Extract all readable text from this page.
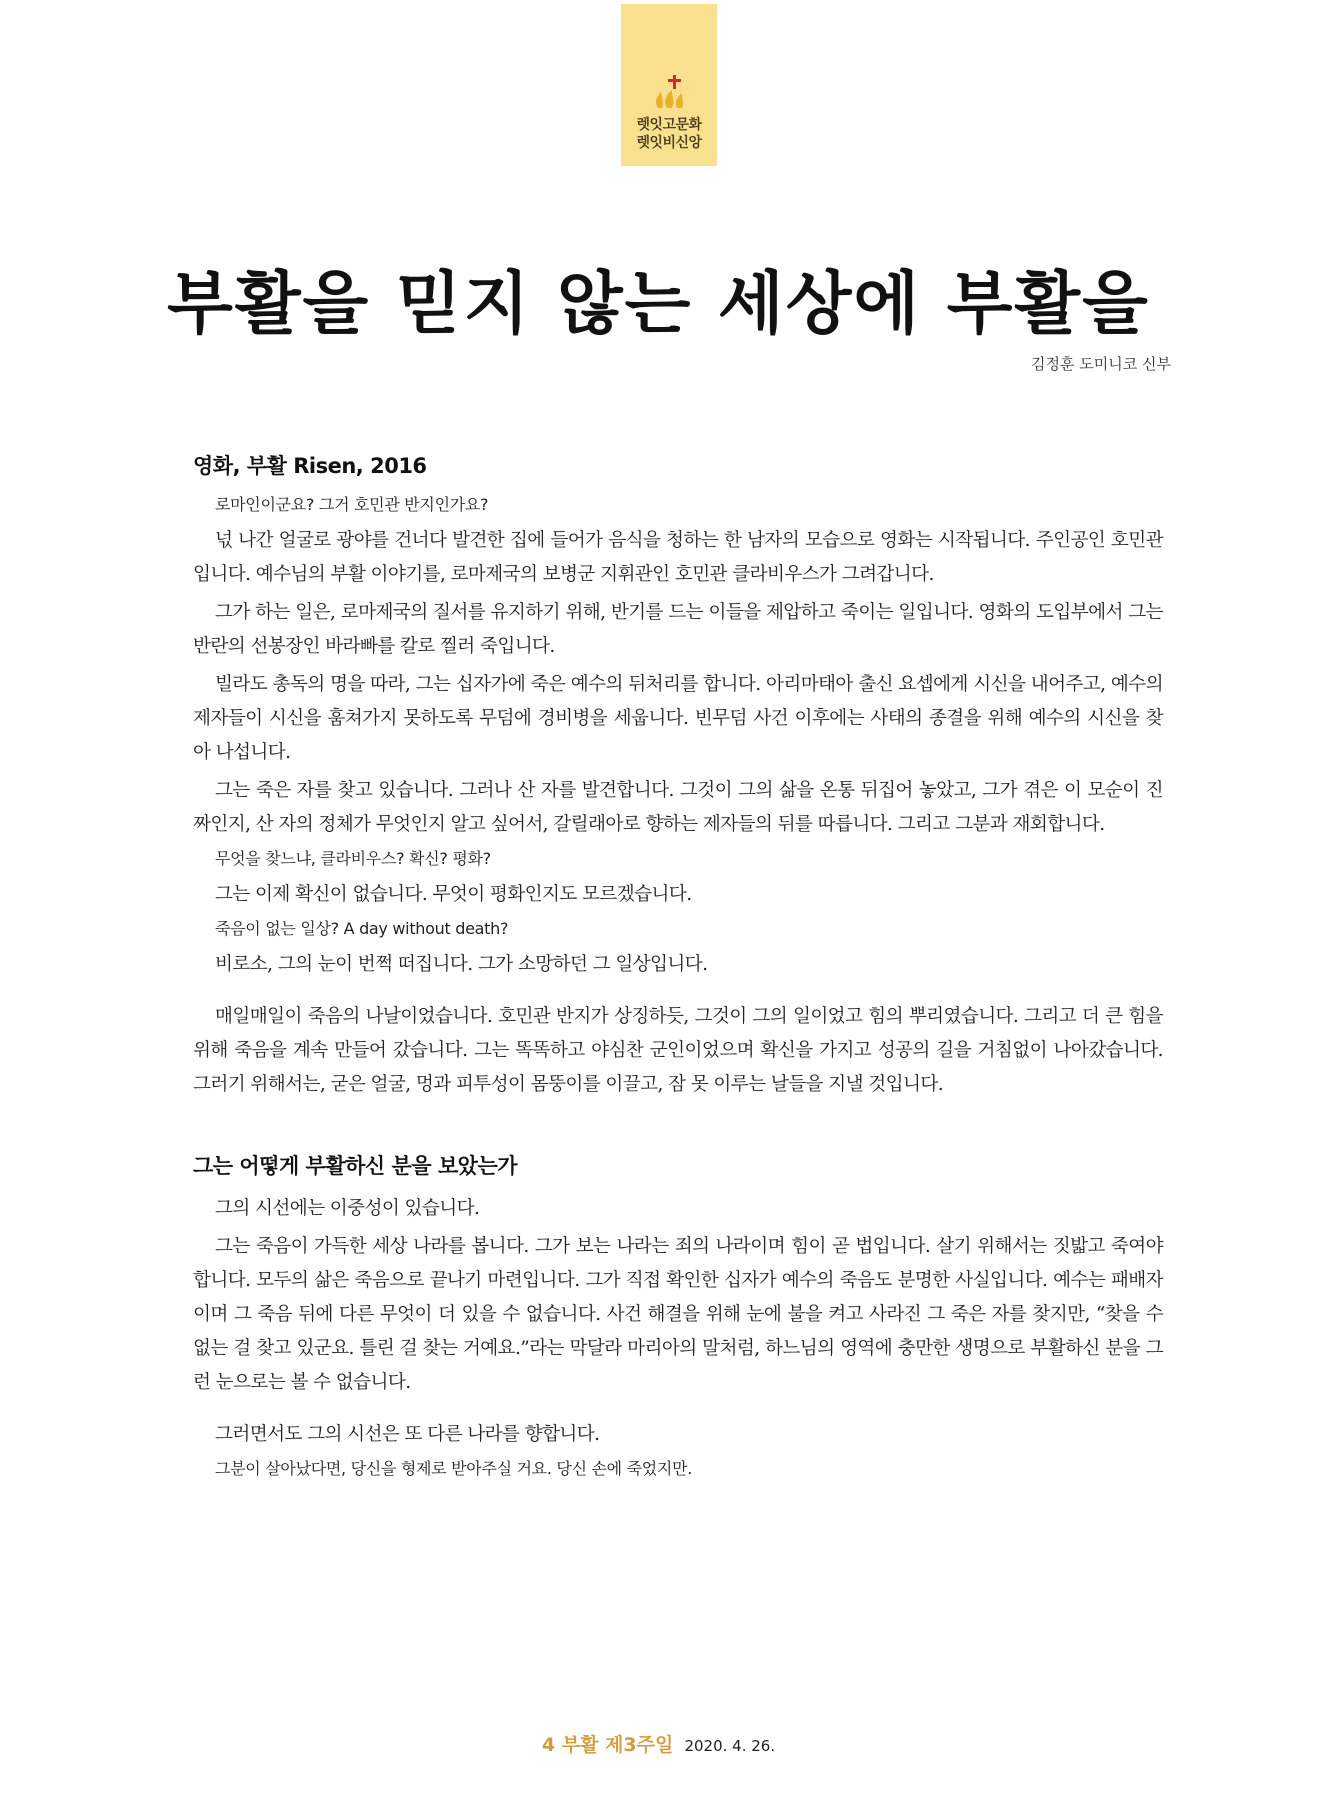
렛잇고문화
렛잇비신앙
부활을 믿지 않는 세상에 부활을
김정훈 도미니코 신부
영화, 부활 Risen, 2016
로마인이군요? 그거 호민관 반지인가요?

넋 나간 얼굴로 광야를 건너다 발견한 집에 들어가 음식을 청하는 한 남자의 모습으로 영화는 시작됩니다. 주인공인 호민관입니다. 예수님의 부활 이야기를, 로마제국의 보병군 지휘관인 호민관 클라비우스가 그려갑니다.

그가 하는 일은, 로마제국의 질서를 유지하기 위해, 반기를 드는 이들을 제압하고 죽이는 일입니다. 영화의 도입부에서 그는 반란의 선봉장인 바라빠를 칼로 찔러 죽입니다.

빌라도 총독의 명을 따라, 그는 십자가에 죽은 예수의 뒤처리를 합니다. 아리마태아 출신 요셉에게 시신을 내어주고, 예수의 제자들이 시신을 훔쳐가지 못하도록 무덤에 경비병을 세웁니다. 빈무덤 사건 이후에는 사태의 종결을 위해 예수의 시신을 찾아 나섭니다.

그는 죽은 자를 찾고 있습니다. 그러나 산 자를 발견합니다. 그것이 그의 삶을 온통 뒤집어 놓았고, 그가 겪은 이 모순이 진짜인지, 산 자의 정체가 무엇인지 알고 싶어서, 갈릴래아로 향하는 제자들의 뒤를 따릅니다. 그리고 그분과 재회합니다.

무엇을 찾느냐, 클라비우스? 확신? 평화?

그는 이제 확신이 없습니다. 무엇이 평화인지도 모르겠습니다.

죽음이 없는 일상? A day without death?

비로소, 그의 눈이 번쩍 떠집니다. 그가 소망하던 그 일상입니다.

매일매일이 죽음의 나날이었습니다. 호민관 반지가 상징하듯, 그것이 그의 일이었고 힘의 뿌리였습니다. 그리고 더 큰 힘을 위해 죽음을 계속 만들어 갔습니다. 그는 똑똑하고 야심찬 군인이었으며 확신을 가지고 성공의 길을 거침없이 나아갔습니다. 그러기 위해서는, 굳은 얼굴, 멍과 피투성이 몸뚱이를 이끌고, 잠 못 이루는 날들을 지낼 것입니다.

그는 어떻게 부활하신 분을 보았는가

그의 시선에는 이중성이 있습니다.

그는 죽음이 가득한 세상 나라를 봅니다. 그가 보는 나라는 죄의 나라이며 힘이 곧 법입니다. 살기 위해서는 짓밟고 죽여야 합니다. 모두의 삶은 죽음으로 끝나기 마련입니다. 그가 직접 확인한 십자가 예수의 죽음도 분명한 사실입니다. 예수는 패배자이며 그 죽음 뒤에 다른 무엇이 더 있을 수 없습니다. 사건 해결을 위해 눈에 불을 켜고 사라진 그 죽은 자를 찾지만, “찾을 수 없는 걸 찾고 있군요. 틀린 걸 찾는 거예요.”라는 막달라 마리아의 말처럼, 하느님의 영역에 충만한 생명으로 부활하신 분을 그런 눈으로는 볼 수 없습니다.

그러면서도 그의 시선은 또 다른 나라를 향합니다.

그분이 살아났다면, 당신을 형제로 받아주실 거요. 당신 손에 죽었지만.
4 부활 제3주일 2020. 4. 26.
